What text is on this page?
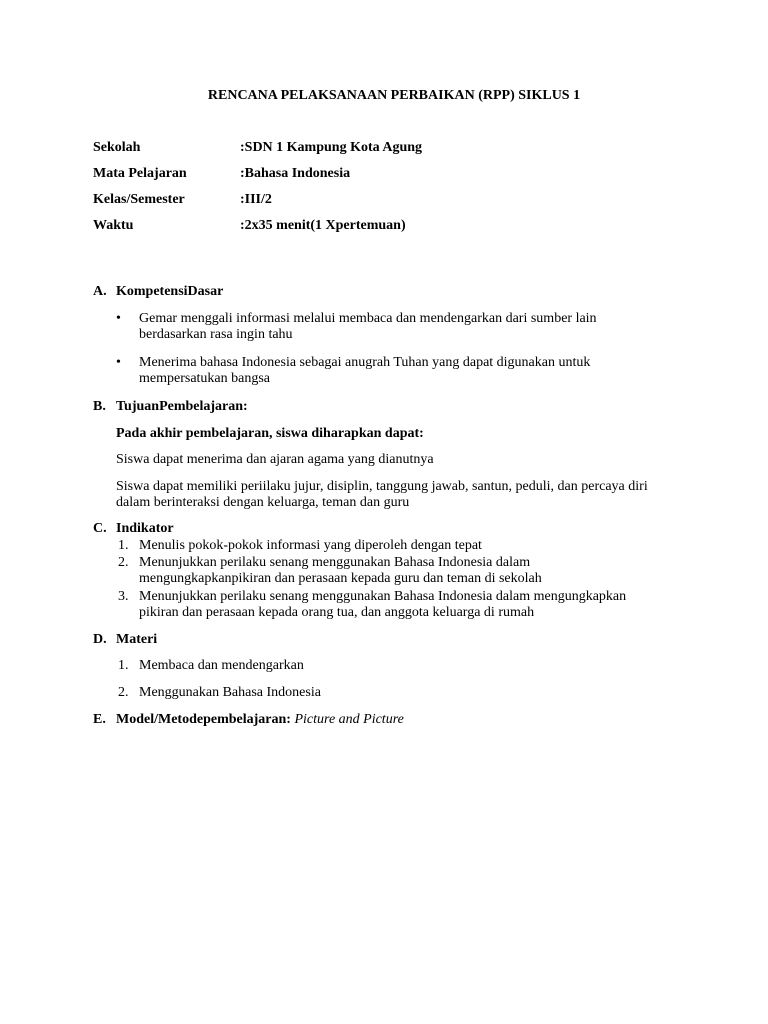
RENCANA PELAKSANAAN PERBAIKAN (RPP) SIKLUS 1
Sekolah	:SDN 1 Kampung Kota Agung
Mata Pelajaran	:Bahasa Indonesia
Kelas/Semester	:III/2
Waktu	:2x35 menit(1 Xpertemuan)
A. KompetensiDasar
• Gemar menggali informasi melalui membaca dan mendengarkan dari sumber lain
berdasarkan rasa ingin tahu
• Menerima bahasa Indonesia sebagai anugrah Tuhan yang dapat digunakan untuk
mempersatukan bangsa
B. TujuanPembelajaran:
Pada akhir pembelajaran, siswa diharapkan dapat:
Siswa dapat menerima dan ajaran agama yang dianutnya
Siswa dapat memiliki periilaku jujur, disiplin, tanggung jawab, santun, peduli, dan percaya diri
dalam berinteraksi dengan keluarga, teman dan guru
C. Indikator
1. Menulis pokok-pokok informasi yang diperoleh dengan tepat
2. Menunjukkan perilaku senang menggunakan Bahasa Indonesia dalam
mengungkapkanpikiran dan perasaan kepada guru dan teman di sekolah
3. Menunjukkan perilaku senang menggunakan Bahasa Indonesia dalam mengungkapkan
pikiran dan perasaan kepada orang tua, dan anggota keluarga di rumah
D. Materi
1. Membaca dan mendengarkan
2. Menggunakan Bahasa Indonesia
E. Model/Metodepembelajaran: Picture and Picture
